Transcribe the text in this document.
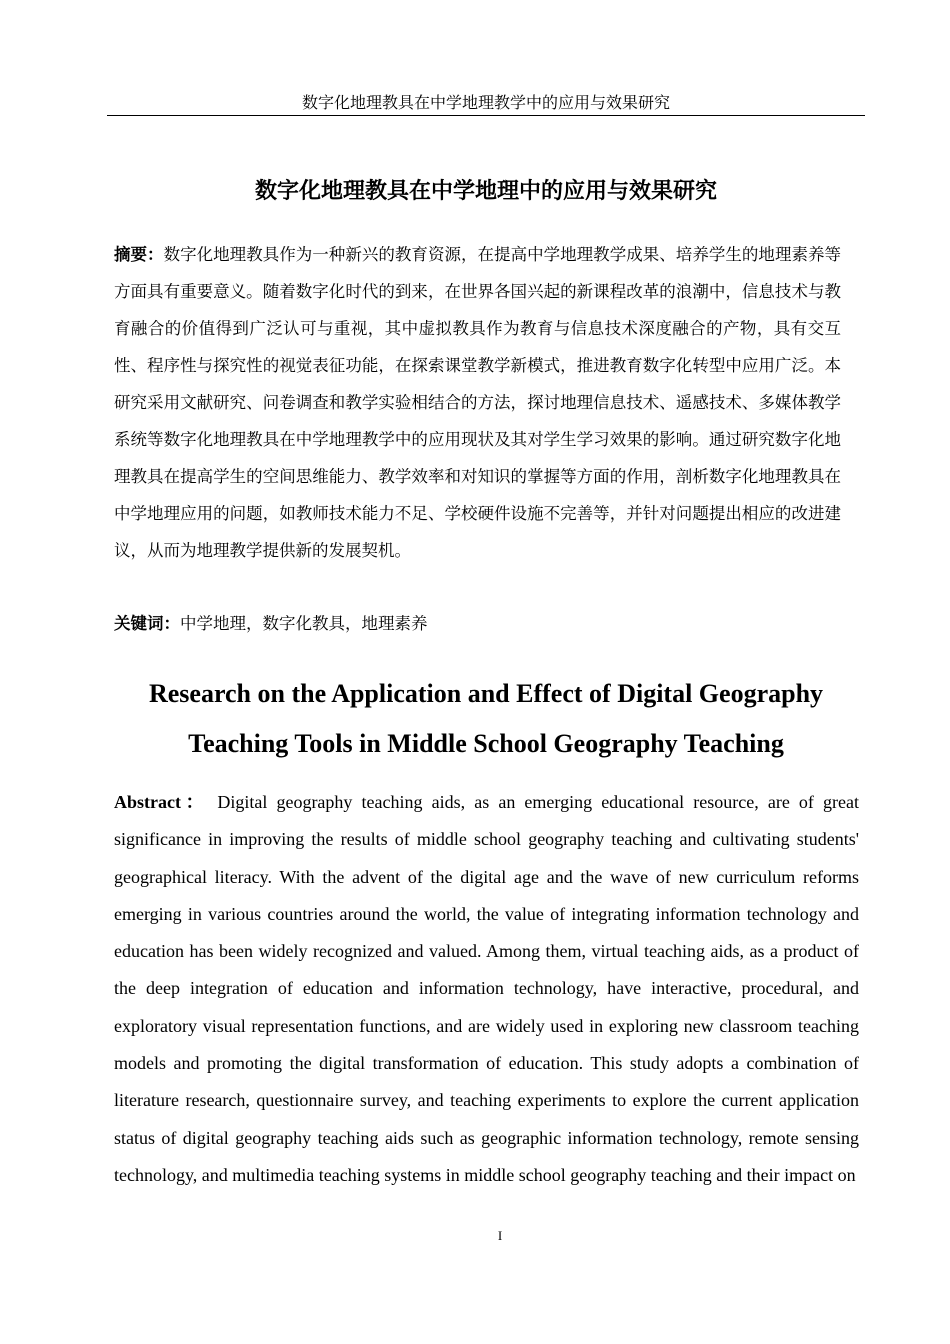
数字化地理教具在中学地理教学中的应用与效果研究
数字化地理教具在中学地理中的应用与效果研究
摘要：数字化地理教具作为一种新兴的教育资源，在提高中学地理教学成果、培养学生的地理素养等方面具有重要意义。随着数字化时代的到来，在世界各国兴起的新课程改革的浪潮中，信息技术与教育融合的价值得到广泛认可与重视，其中虚拟教具作为教育与信息技术深度融合的产物，具有交互性、程序性与探究性的视觉表征功能，在探索课堂教学新模式，推进教育数字化转型中应用广泛。本研究采用文献研究、问卷调查和教学实验相结合的方法，探讨地理信息技术、遥感技术、多媒体教学系统等数字化地理教具在中学地理教学中的应用现状及其对学生学习效果的影响。通过研究数字化地理教具在提高学生的空间思维能力、教学效率和对知识的掌握等方面的作用，剖析数字化地理教具在中学地理应用的问题，如教师技术能力不足、学校硬件设施不完善等，并针对问题提出相应的改进建议，从而为地理教学提供新的发展契机。
关键词：中学地理，数字化教具，地理素养
Research on the Application and Effect of Digital Geography
Teaching Tools in Middle School Geography Teaching
Abstract： Digital geography teaching aids, as an emerging educational resource, are of great significance in improving the results of middle school geography teaching and cultivating students' geographical literacy. With the advent of the digital age and the wave of new curriculum reforms emerging in various countries around the world, the value of integrating information technology and education has been widely recognized and valued. Among them, virtual teaching aids, as a product of the deep integration of education and information technology, have interactive, procedural, and exploratory visual representation functions, and are widely used in exploring new classroom teaching models and promoting the digital transformation of education. This study adopts a combination of literature research, questionnaire survey, and teaching experiments to explore the current application status of digital geography teaching aids such as geographic information technology, remote sensing technology, and multimedia teaching systems in middle school geography teaching and their impact on
I
